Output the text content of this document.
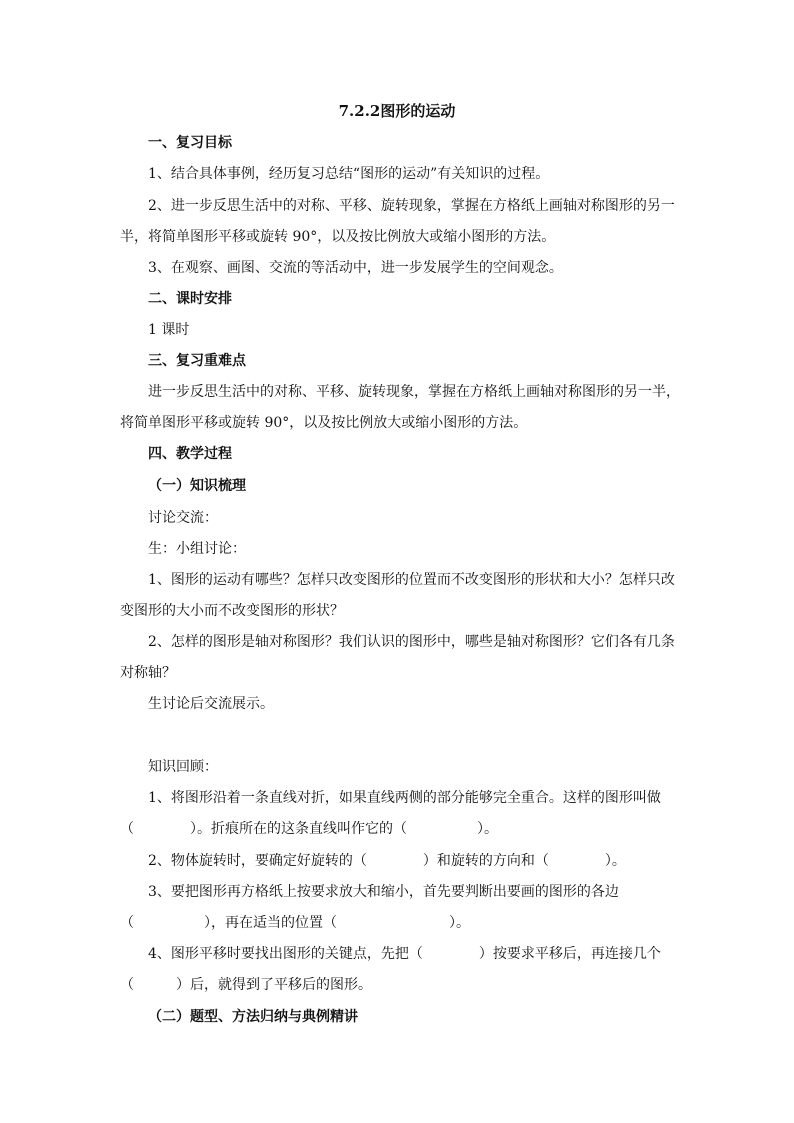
7.2.2图形的运动
一、复习目标
1、结合具体事例，经历复习总结“图形的运动”有关知识的过程。
2、进一步反思生活中的对称、平移、旋转现象，掌握在方格纸上画轴对称图形的另一
半，将简单图形平移或旋转 90°，以及按比例放大或缩小图形的方法。
3、在观察、画图、交流的等活动中，进一步发展学生的空间观念。
二、课时安排
1 课时
三、复习重难点
进一步反思生活中的对称、平移、旋转现象，掌握在方格纸上画轴对称图形的另一半，
将简单图形平移或旋转 90°，以及按比例放大或缩小图形的方法。
四、教学过程
（一）知识梳理
讨论交流：
生：小组讨论：
1、图形的运动有哪些？怎样只改变图形的位置而不改变图形的形状和大小？怎样只改
变图形的大小而不改变图形的形状？
2、怎样的图形是轴对称图形？我们认识的图形中，哪些是轴对称图形？它们各有几条
对称轴？
生讨论后交流展示。
知识回顾：
1、将图形沿着一条直线对折，如果直线两侧的部分能够完全重合。这样的图形叫做
（　　　　）。折痕所在的这条直线叫作它的（　　　　　）。
2、物体旋转时，要确定好旋转的（　　　　）和旋转的方向和（　　　　）。
3、要把图形再方格纸上按要求放大和缩小，首先要判断出要画的图形的各边
（　　　　　），再在适当的位置（　　　　　　　　）。
4、图形平移时要找出图形的关键点，先把（　　　　）按要求平移后，再连接几个
（　　　）后，就得到了平移后的图形。
（二）题型、方法归纳与典例精讲
